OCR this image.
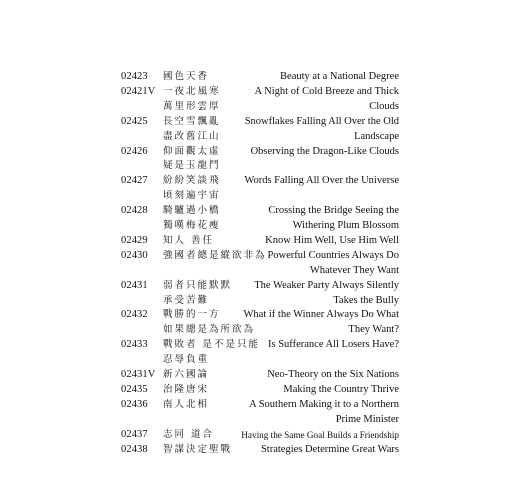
02423 國色天香	Beauty at a National Degree
02421V 一夜北風寒	A Night of Cold Breeze and Thick
萬里形雲厚	Clouds
02425 長空雪飄亂 Snowflakes Falling All Over the Old
盡改舊江山	Landscape
02426 仰面觀太虛	Observing the Dragon-Like Clouds
疑是玉龍鬥
02427 紛紛笑談飛 Words Falling All Over the Universe
頃刻遍宇宙
02428 騎驢過小橋	Crossing the Bridge Seeing the
獨嘆梅花瘦	Withering Plum Blossom
02429 知人 善任	Know Him Well, Use Him Well
02430 強國者總是縱欲非為 Powerful Countries Always Do
Whatever They Want
02431 弱者只能默默 The Weaker Party Always Silently
承受苦難	Takes the Bully
02432 戰勝的一方 What if the Winner Always Do What
如果總是為所欲為	They Want?
02433 戰敗者 是不是只能 Is Sufferance All Losers Have?
忍辱負重
02431V 新六國論	Neo-Theory on the Six Nations
02435 治隆唐宋	Making the Country Thrive
02436 南人北相	A Southern Making it to a Northern
Prime Minister
02437 志同 道合	Having the Same Goal Builds a Friendship
02438 智謀決定聖戰	Strategies Determine Great Wars
